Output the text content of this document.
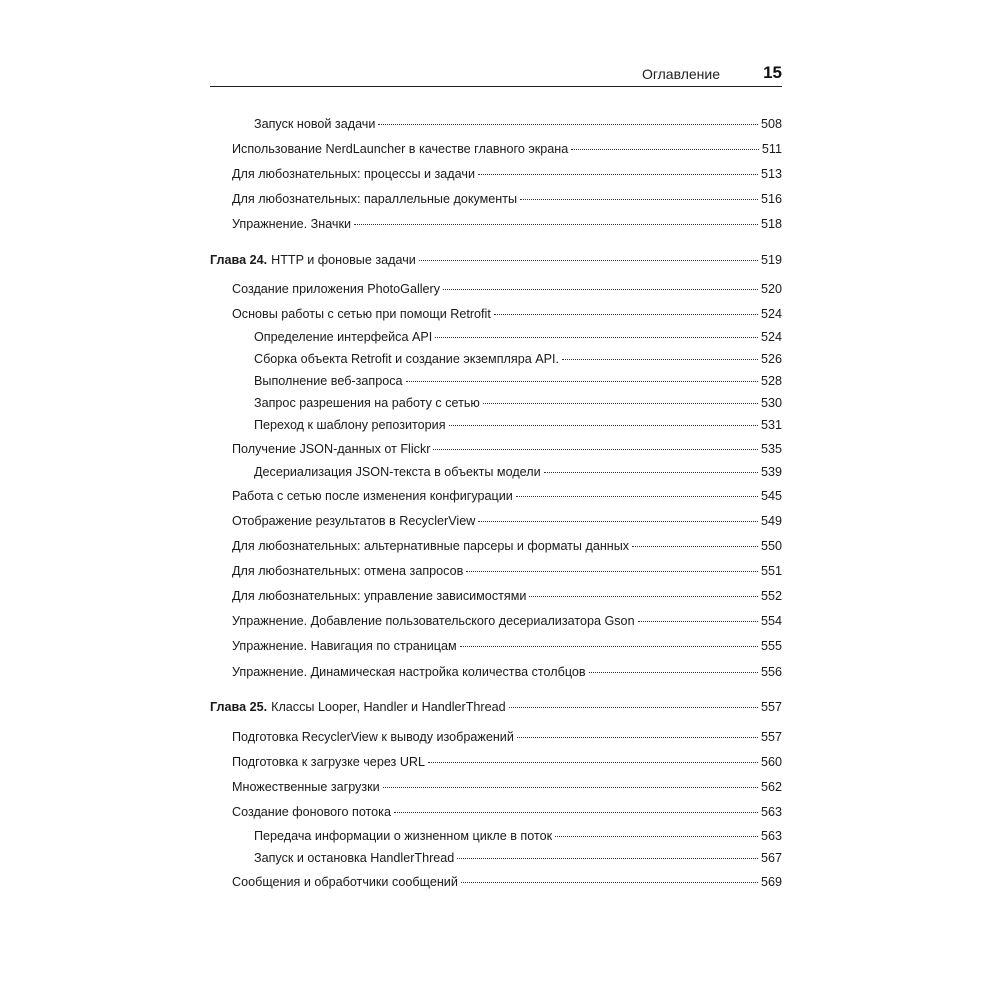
Оглавление	15
Запуск новой задачи	508
Использование NerdLauncher в качестве главного экрана	511
Для любознательных: процессы и задачи	513
Для любознательных: параллельные документы	516
Упражнение. Значки	518
Глава 24. HTTP и фоновые задачи	519
Создание приложения PhotoGallery	520
Основы работы с сетью при помощи Retrofit	524
Определение интерфейса API	524
Сборка объекта Retrofit и создание экземпляра API.	526
Выполнение веб-запроса	528
Запрос разрешения на работу с сетью	530
Переход к шаблону репозитория	531
Получение JSON-данных от Flickr	535
Десериализация JSON-текста в объекты модели	539
Работа с сетью после изменения конфигурации	545
Отображение результатов в RecyclerView	549
Для любознательных: альтернативные парсеры и форматы данных	550
Для любознательных: отмена запросов	551
Для любознательных: управление зависимостями	552
Упражнение. Добавление пользовательского десериализатора Gson	554
Упражнение. Навигация по страницам	555
Упражнение. Динамическая настройка количества столбцов	556
Глава 25. Классы Looper, Handler и HandlerThread	557
Подготовка RecyclerView к выводу изображений	557
Подготовка к загрузке через URL	560
Множественные загрузки	562
Создание фонового потока	563
Передача информации о жизненном цикле в поток	563
Запуск и остановка HandlerThread	567
Сообщения и обработчики сообщений	569
